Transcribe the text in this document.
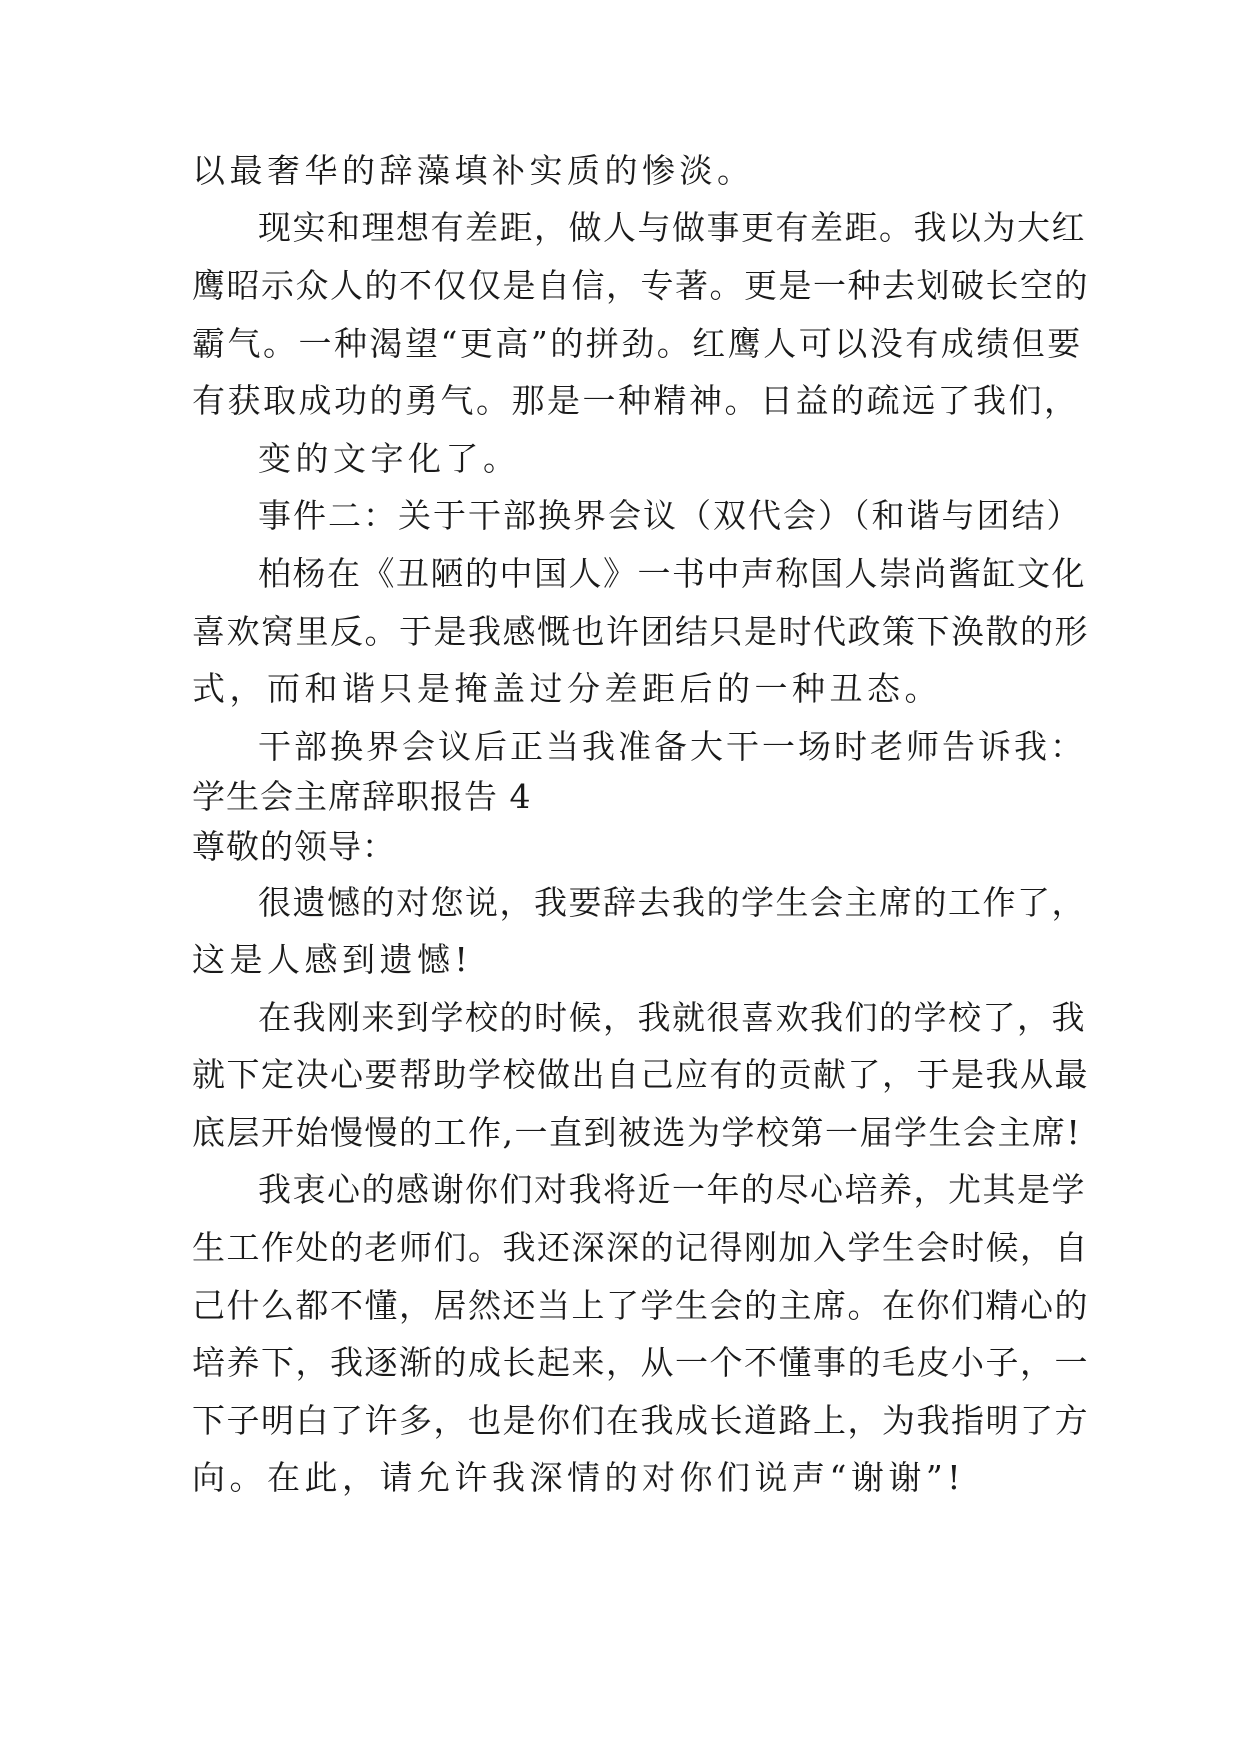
以最奢华的辞藻填补实质的惨淡。
现实和理想有差距，做人与做事更有差距。我以为大红
鹰昭示众人的不仅仅是自信，专著。更是一种去划破长空的
霸气。一种渴望“更高”的拼劲。红鹰人可以没有成绩但要
有获取成功的勇气。那是一种精神。日益的疏远了我们，
变的文字化了。
事件二：关于干部换界会议（双代会）（和谐与团结）
柏杨在《丑陋的中国人》一书中声称国人崇尚酱缸文化
喜欢窝里反。于是我感慨也许团结只是时代政策下涣散的形
式，而和谐只是掩盖过分差距后的一种丑态。
干部换界会议后正当我准备大干一场时老师告诉我：
学生会主席辞职报告 4
尊敬的领导：
很遗憾的对您说，我要辞去我的学生会主席的工作了，
这是人感到遗憾!
在我刚来到学校的时候，我就很喜欢我们的学校了，我
就下定决心要帮助学校做出自己应有的贡献了，于是我从最
底层开始慢慢的工作,一直到被选为学校第一届学生会主席!
我衷心的感谢你们对我将近一年的尽心培养，尤其是学
生工作处的老师们。我还深深的记得刚加入学生会时候，自
己什么都不懂，居然还当上了学生会的主席。在你们精心的
培养下，我逐渐的成长起来，从一个不懂事的毛皮小子，一
下子明白了许多，也是你们在我成长道路上，为我指明了方
向。在此，请允许我深情的对你们说声“谢谢”!
